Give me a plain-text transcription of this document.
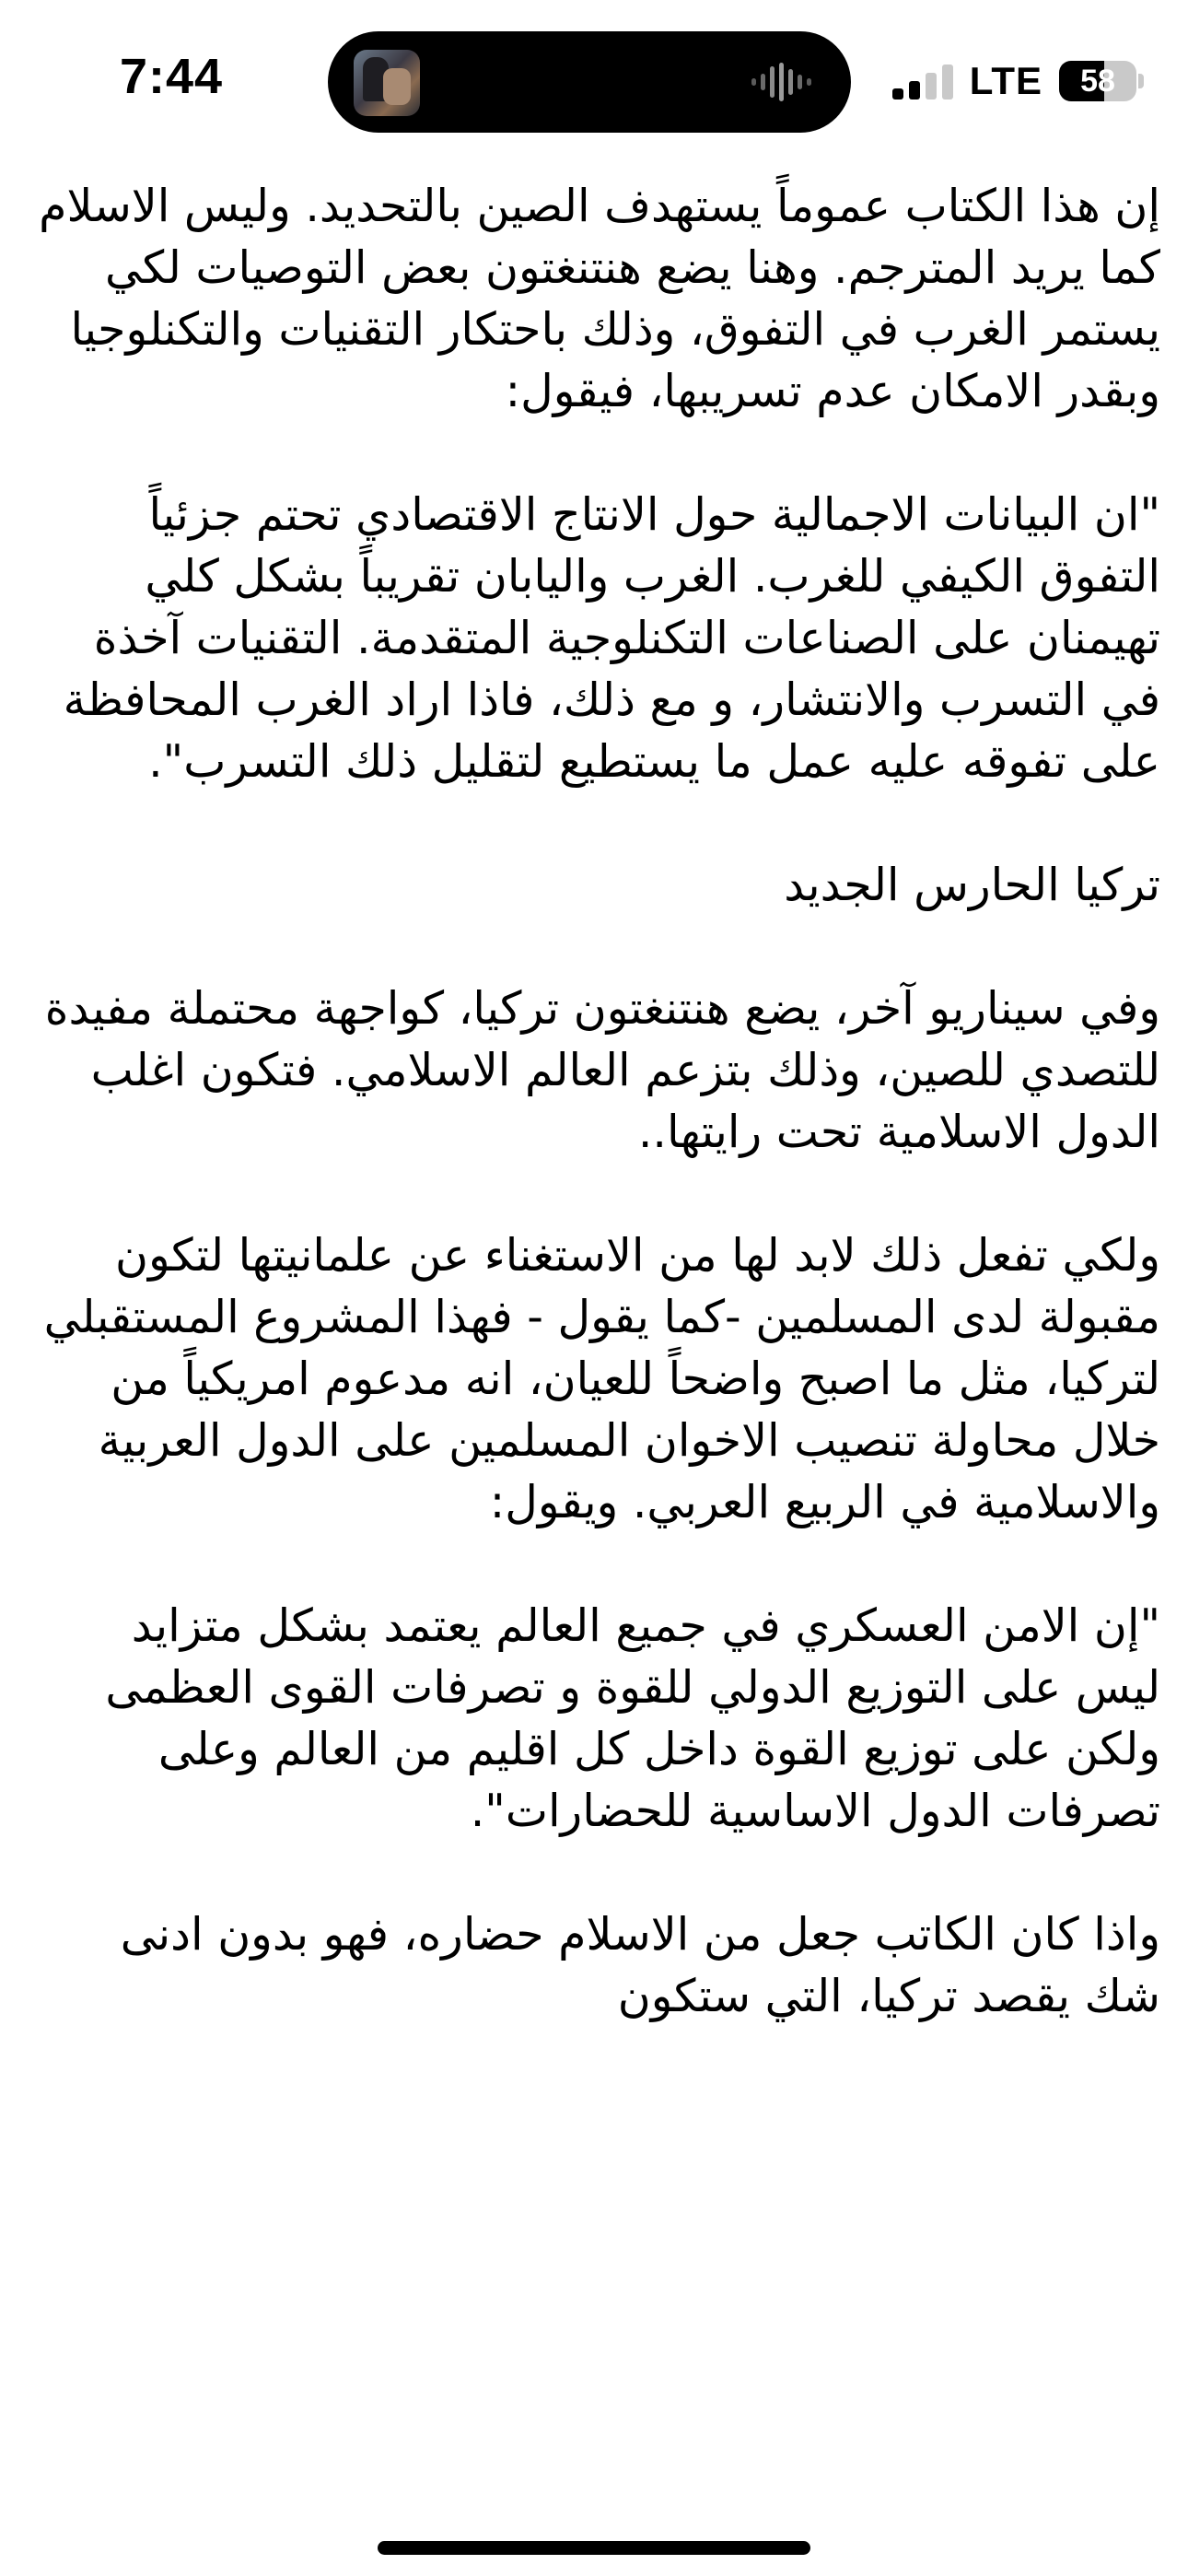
7:44	LTE	58

إن هذا الكتاب عموماً يستهدف الصين بالتحديد. وليس الاسلام كما يريد المترجم. وهنا يضع هنتنغتون بعض التوصيات لكي يستمر الغرب في التفوق، وذلك باحتكار التقنيات والتكنلوجيا وبقدر الامكان عدم تسريبها، فيقول:

"ان البيانات الاجمالية حول الانتاج الاقتصادي تحتم جزئياً التفوق الكيفي للغرب. الغرب واليابان تقريباً بشكل كلي تهيمنان على الصناعات التكنلوجية المتقدمة. التقنيات آخذة في التسرب والانتشار، و مع ذلك، فاذا اراد الغرب المحافظة على تفوقه عليه عمل ما يستطيع لتقليل ذلك التسرب".

تركيا الحارس الجديد

وفي سيناريو آخر، يضع هنتنغتون تركيا، كواجهة محتملة مفيدة للتصدي للصين، وذلك بتزعم العالم الاسلامي. فتكون اغلب الدول الاسلامية تحت رايتها..

ولكي تفعل ذلك لابد لها من الاستغناء عن علمانيتها لتكون مقبولة لدى المسلمين -كما يقول - فهذا المشروع المستقبلي لتركيا، مثل ما اصبح واضحاً للعيان، انه مدعوم امريكياً من خلال محاولة تنصيب الاخوان المسلمين على الدول العربية والاسلامية في الربيع العربي. ويقول:

"إن الامن العسكري في جميع العالم يعتمد بشكل متزايد ليس على التوزيع الدولي للقوة و تصرفات القوى العظمى ولكن على توزيع القوة داخل كل اقليم من العالم وعلى تصرفات الدول الاساسية للحضارات".

واذا كان الكاتب جعل من الاسلام حضاره، فهو بدون ادنى شك يقصد تركيا، التي ستكون
